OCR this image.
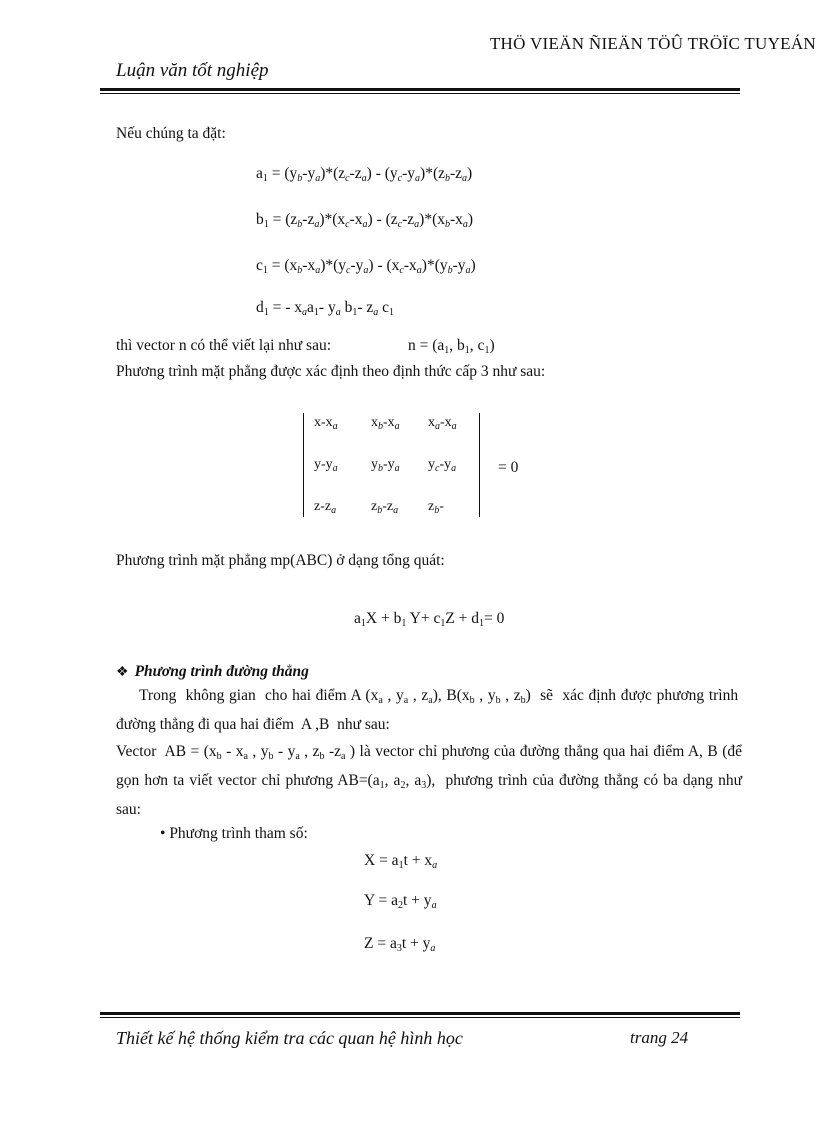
THÖ VIEÄN ÑIEÄN TÖÛ TRÖÏC TUYEÁN
Luận văn tốt nghiệp
Nếu chúng ta đặt:
$a_1 = (y_b-y_a)*(z_c-z_a) - (y_c-y_a)*(z_b-z_a)$
$b_1 = (z_b-z_a)*(x_c-x_a) - (z_c-z_a)*(x_b-x_a)$
$c_1 = (x_b-x_a)*(y_c-y_a) - (x_c-x_a)*(y_b-y_a)$
$d_1$ = - $x_aa_1-$ $y_a$ $b_1-$ $z_a$ $c_1$
thì vector n có thể viết lại như sau:	$n = (a_1$, $b_1$, $c_1$)
Phương trình mặt phẳng được xác định theo định thức cấp 3 như sau:
$x-x_a$ $x_b-x_a$ $x_a-x_a$
$y-y_a$ $y_b-y_a$ $y_c-y_a$
$z-z_a$ $z_b-z_a$ $z_b-$
= 0
Phương trình mặt phẳng mp(ABC) ở dạng tổng quát:
$a_1X + b_1$ $Y+ c_1Z + d_1= 0$
❖ Phương trình đường thẳng
Trong  không gian  cho hai điểm A ($x_a$ , $y_a$ , $z_a$), $B(x_b$ , $y_b$ , $z_b$)  sẽ  xác định được phương trình  đường thẳng đi qua hai điểm  A ,B  như sau:
Vector  AB = ($x_b - x_a$ , $y_b - y_a$ , $z_b$ $-z_a$ ) là vector chỉ phương của đường thẳng qua hai điểm A, B (để gọn hơn ta viết vector chỉ phương $AB=(a_1$, $a_2$, $a_3$),  phương trình của đường thẳng có ba dạng như sau:
• Phương trình tham số:
$X = a_1t + x_a$
$Y = a_2t + y_a$
$Z = a_3t + y_a$
Thiết kế hệ thống kiểm tra các quan hệ hình học	trang 24
